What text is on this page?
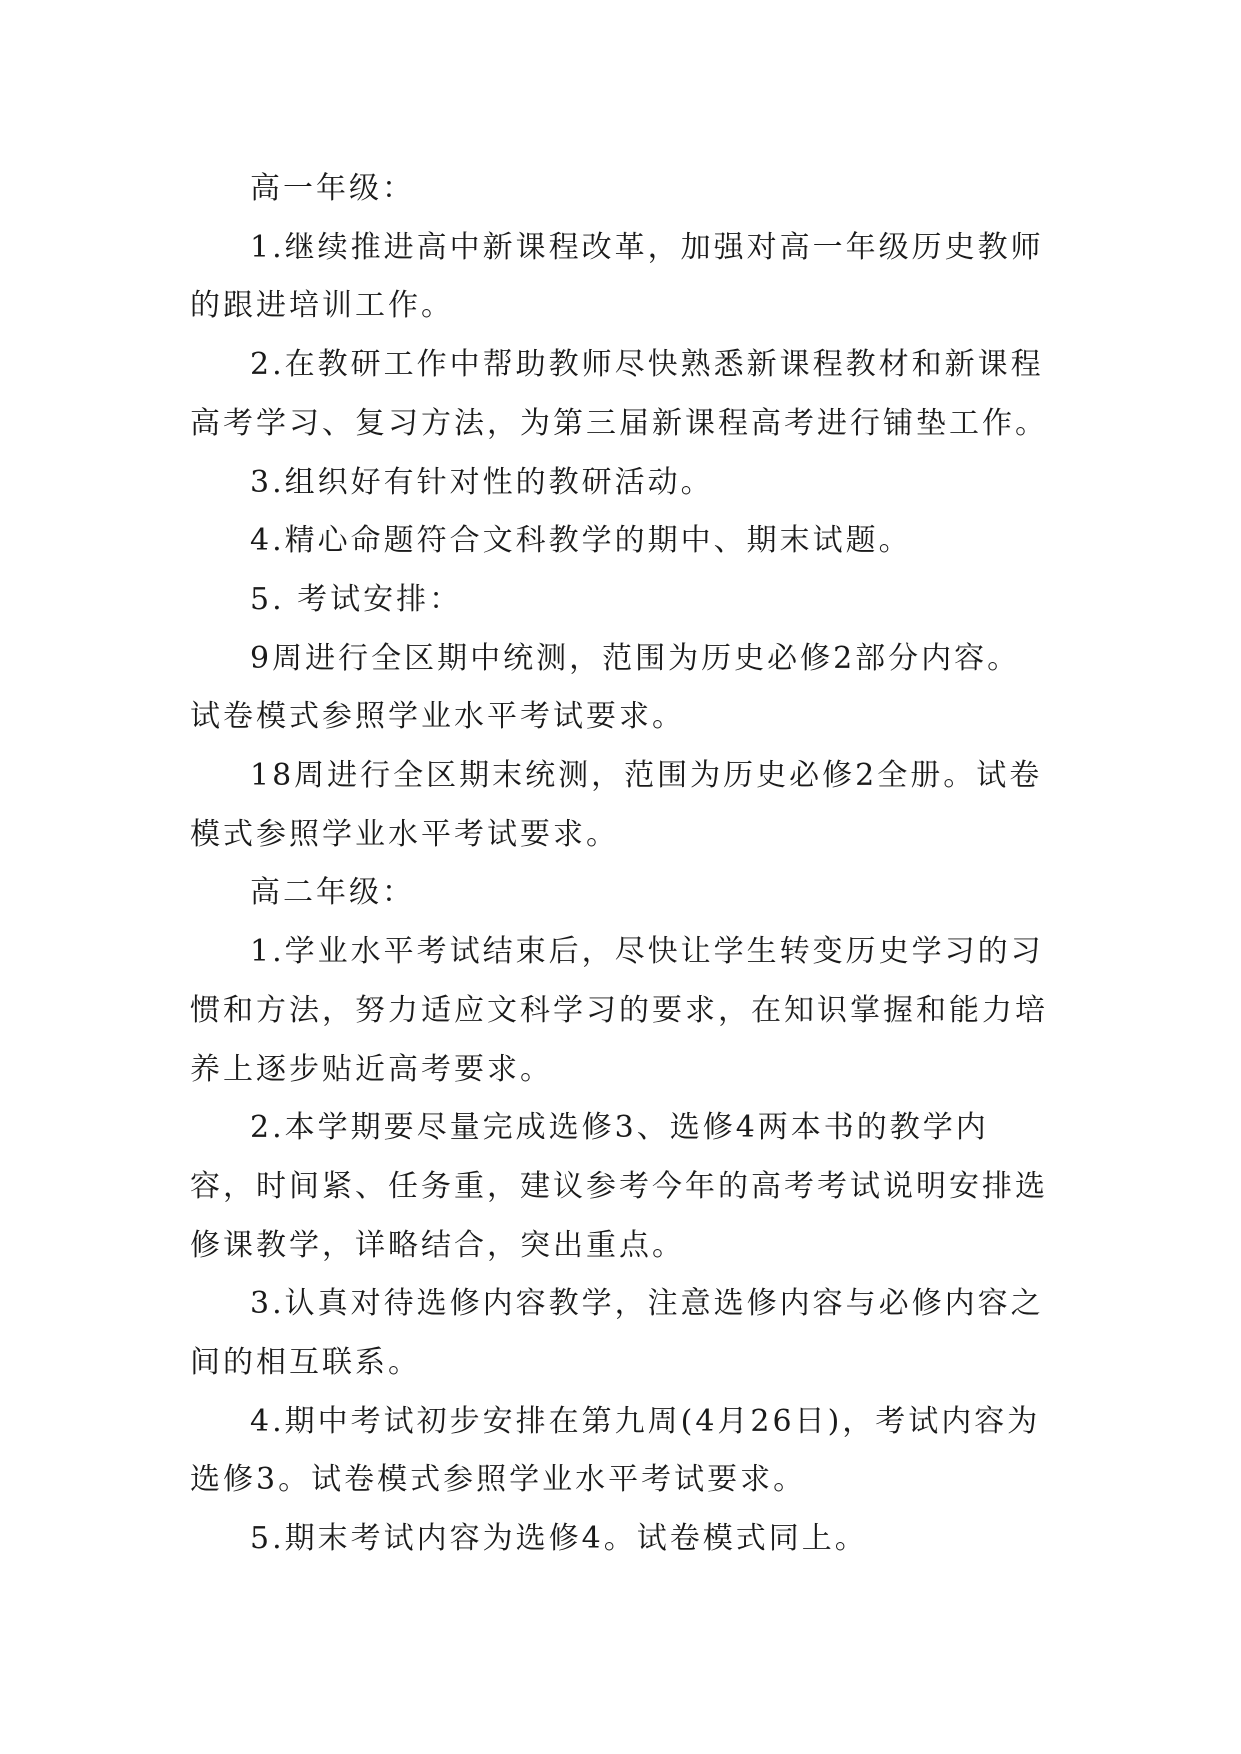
高一年级：

1.继续推进高中新课程改革，加强对高一年级历史教师的跟进培训工作。

2.在教研工作中帮助教师尽快熟悉新课程教材和新课程高考学习、复习方法，为第三届新课程高考进行铺垫工作。

3.组织好有针对性的教研活动。

4.精心命题符合文科教学的期中、期末试题。

5. 考试安排：

9周进行全区期中统测，范围为历史必修2部分内容。试卷模式参照学业水平考试要求。

18周进行全区期末统测，范围为历史必修2全册。试卷模式参照学业水平考试要求。

高二年级：

1.学业水平考试结束后，尽快让学生转变历史学习的习惯和方法，努力适应文科学习的要求，在知识掌握和能力培养上逐步贴近高考要求。

2.本学期要尽量完成选修3、选修4两本书的教学内容，时间紧、任务重，建议参考今年的高考考试说明安排选修课教学，详略结合，突出重点。

3.认真对待选修内容教学，注意选修内容与必修内容之间的相互联系。

4.期中考试初步安排在第九周(4月26日)，考试内容为选修3。试卷模式参照学业水平考试要求。

5.期末考试内容为选修4。试卷模式同上。
